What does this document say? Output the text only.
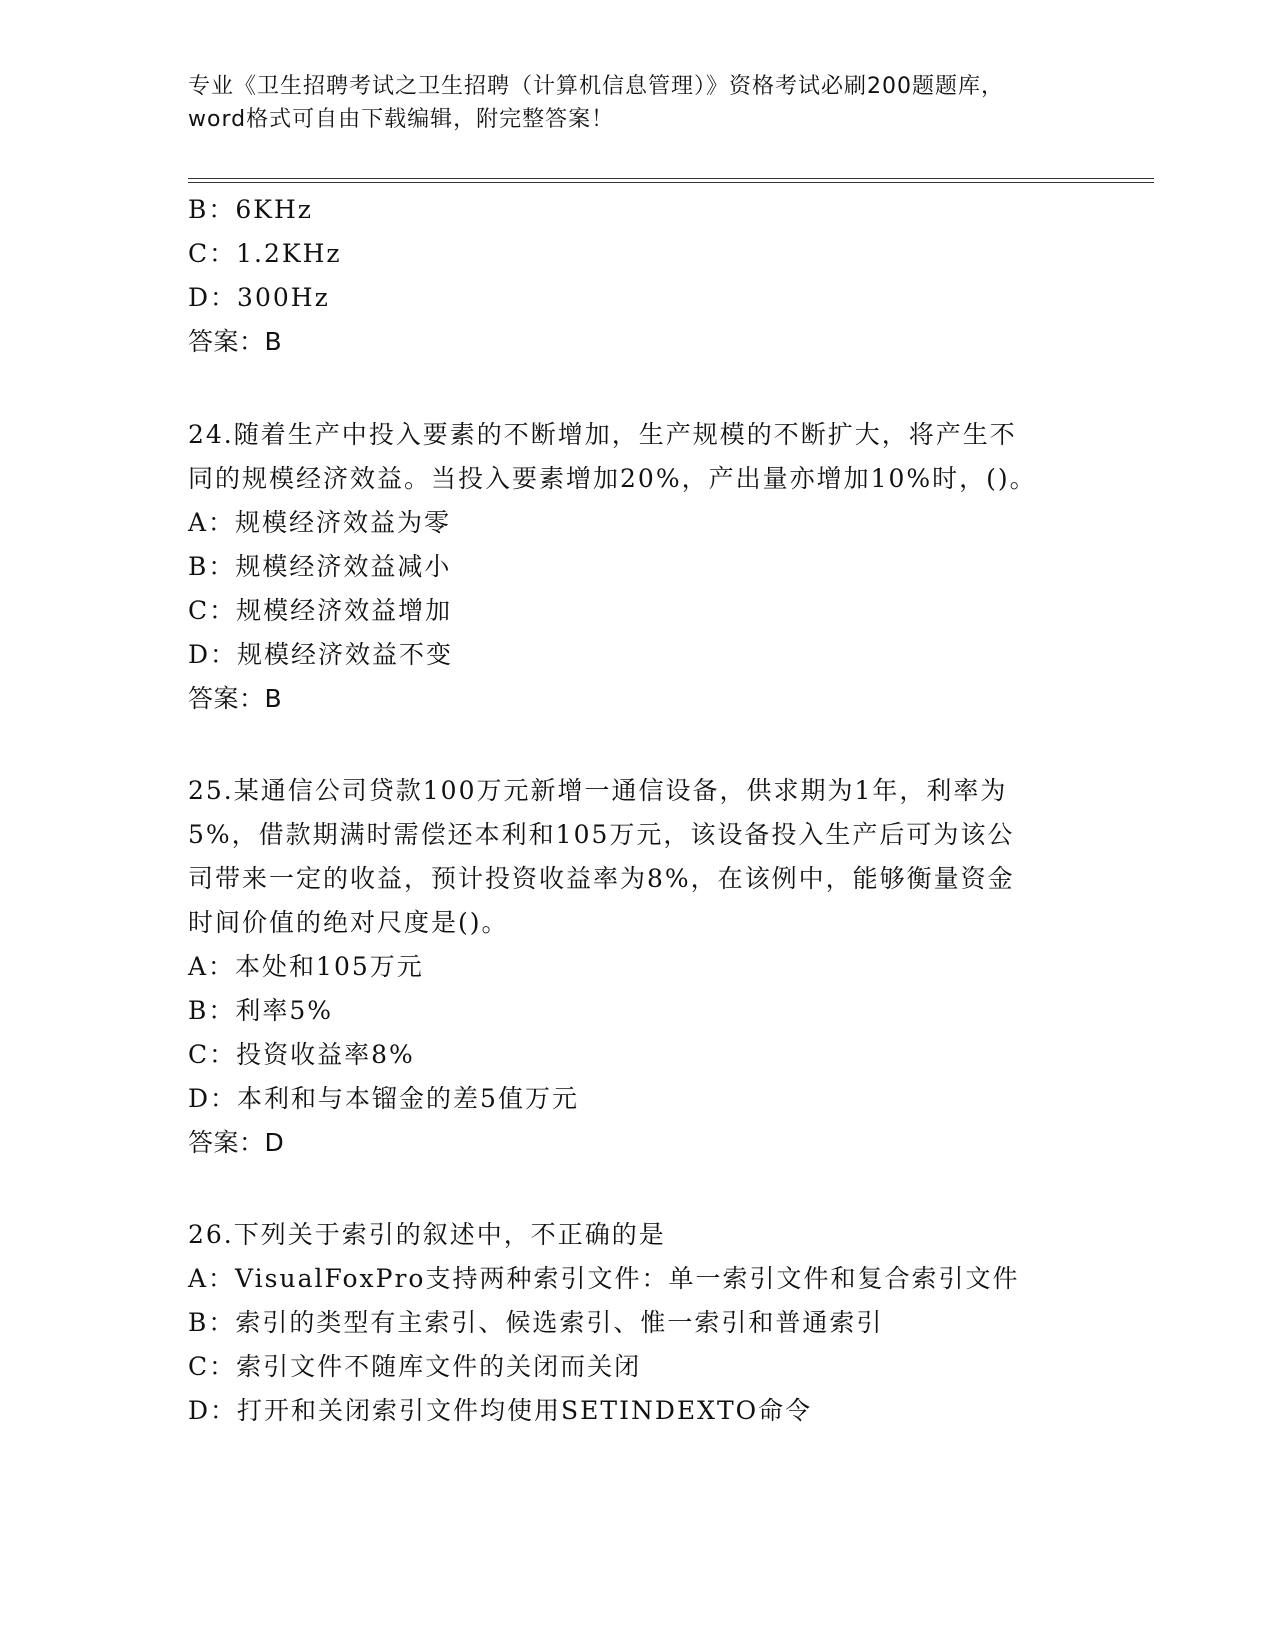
专业《卫生招聘考试之卫生招聘（计算机信息管理）》资格考试必刷200题题库，
word格式可自由下载编辑，附完整答案！
B：6KHz
C：1.2KHz
D：300Hz
答案：B
24.随着生产中投入要素的不断增加，生产规模的不断扩大，将产生不
同的规模经济效益。当投入要素增加20%，产出量亦增加10%时，()。
A：规模经济效益为零
B：规模经济效益减小
C：规模经济效益增加
D：规模经济效益不变
答案：B
25.某通信公司贷款100万元新增一通信设备，供求期为1年，利率为
5%，借款期满时需偿还本利和105万元，该设备投入生产后可为该公
司带来一定的收益，预计投资收益率为8%，在该例中，能够衡量资金
时间价值的绝对尺度是()。
A：本处和105万元
B：利率5%
C：投资收益率8%
D：本利和与本镏金的差5值万元
答案：D
26.下列关于索引的叙述中，不正确的是
A：VisualFoxPro支持两种索引文件：单一索引文件和复合索引文件
B：索引的类型有主索引、候选索引、惟一索引和普通索引
C：索引文件不随库文件的关闭而关闭
D：打开和关闭索引文件均使用SETINDEXTO命令
